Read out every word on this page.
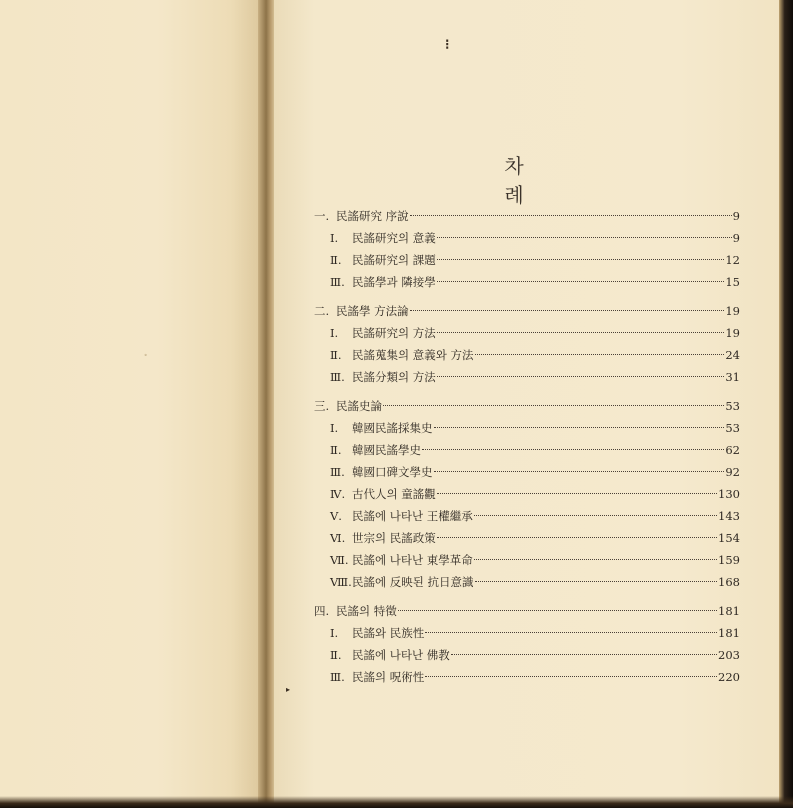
⁝
∘
▸
차　례
一. 民謠研究 序說	9
Ⅰ.	民謠研究의 意義	9
Ⅱ. 民謠研究의 課題	12
Ⅲ. 民謠學과 隣接學	15
二. 民謠學 方法論	19
Ⅰ.	民謠研究의 方法	19
Ⅱ. 民謠蒐集의 意義와 方法	24
Ⅲ. 民謠分類의 方法	31
三. 民謠史論	53
Ⅰ.	韓國民謠採集史	53
Ⅱ. 韓國民謠學史	62
Ⅲ. 韓國口碑文學史	92
Ⅳ. 古代人의 童謠觀	130
Ⅴ. 民謠에 나타난 王權繼承	143
Ⅵ. 世宗의 民謠政策	154
Ⅶ. 民謠에 나타난 東學革命	159
Ⅷ. 民謠에 反映된 抗日意識	168
四. 民謠의 特徵	181
Ⅰ.	民謠와 民族性	181
Ⅱ. 民謠에 나타난 佛教	203
Ⅲ. 民謠의 呪術性	220
